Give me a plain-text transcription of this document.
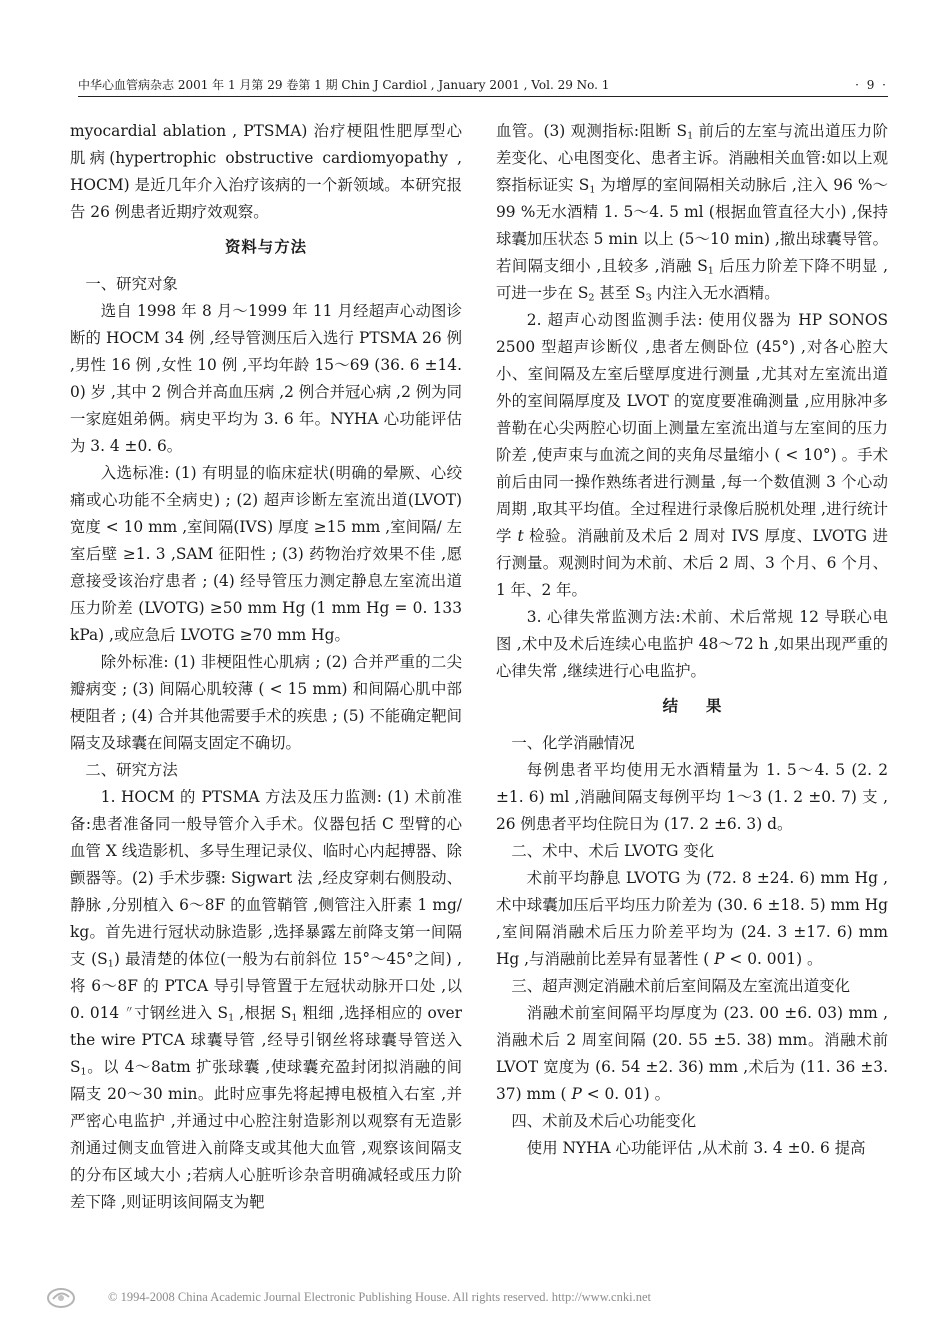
中华心血管病杂志 2001 年 1 月第 29 卷第 1 期 Chin J Cardiol , January 2001 , Vol. 29 No. 1	· 9 ·

myocardial ablation , PTSMA) 治疗梗阻性肥厚型心肌病(hypertrophic obstructive cardiomyopathy , HOCM) 是近几年介入治疗该病的一个新领域。本研究报告 26 例患者近期疗效观察。

资料与方法

一、研究对象

选自 1998 年 8 月～1999 年 11 月经超声心动图诊断的 HOCM 34 例 ,经导管测压后入选行 PTSMA 26 例 ,男性 16 例 ,女性 10 例 ,平均年龄 15～69 (36. 6 ±14. 0) 岁 ,其中 2 例合并高血压病 ,2 例合并冠心病 ,2 例为同一家庭姐弟俩。病史平均为 3. 6 年。NYHA 心功能评估为 3. 4 ±0. 6。

入选标准: (1) 有明显的临床症状(明确的晕厥、心绞痛或心功能不全病史) ; (2) 超声诊断左室流出道(LVOT) 宽度 < 10 mm ,室间隔(IVS) 厚度 ≥15 mm ,室间隔/ 左室后壁 ≥1. 3 ,SAM 征阳性 ; (3) 药物治疗效果不佳 ,愿意接受该治疗患者 ; (4) 经导管压力测定静息左室流出道压力阶差 (LVOTG) ≥50 mm Hg (1 mm Hg = 0. 133 kPa) ,或应急后 LVOTG ≥70 mm Hg。

除外标准: (1) 非梗阻性心肌病 ; (2) 合并严重的二尖瓣病变 ; (3) 间隔心肌较薄 ( < 15 mm) 和间隔心肌中部梗阻者 ; (4) 合并其他需要手术的疾患 ; (5) 不能确定靶间隔支及球囊在间隔支固定不确切。

二、研究方法

1. HOCM 的 PTSMA 方法及压力监测: (1) 术前准备:患者准备同一般导管介入手术。仪器包括 C 型臂的心血管 X 线造影机、多导生理记录仪、临时心内起搏器、除颤器等。(2) 手术步骤: Sigwart 法 ,经皮穿刺右侧股动、静脉 ,分别植入 6～8F 的血管鞘管 ,侧管注入肝素 1 mg/ kg。首先进行冠状动脉造影 ,选择暴露左前降支第一间隔支 $(S_1)$ 最清楚的体位(一般为右前斜位 15°～45°之间) ,将 6～8F 的 PTCA 导引导管置于左冠状动脉开口处 ,以 0. 014 〃寸钢丝进入 $S_1$ ,根据 $S_1$ 粗细 ,选择相应的 over the wire PTCA 球囊导管 ,经导引钢丝将球囊导管送入 $S_1$。以 4～8atm 扩张球囊 ,使球囊充盈封闭拟消融的间隔支 20～30 min。此时应事先将起搏电极植入右室 ,并严密心电监护 ,并通过中心腔注射造影剂以观察有无造影剂通过侧支血管进入前降支或其他大血管 ,观察该间隔支的分布区域大小 ;若病人心脏听诊杂音明确减轻或压力阶差下降 ,则证明该间隔支为靶

血管。(3) 观测指标:阻断 $S_1$ 前后的左室与流出道压力阶差变化、心电图变化、患者主诉。消融相关血管:如以上观察指标证实 $S_1$ 为增厚的室间隔相关动脉后 ,注入 96 %～99 %无水酒精 1. 5～4. 5 ml (根据血管直径大小) ,保持球囊加压状态 5 min 以上 (5～10 min) ,撤出球囊导管。若间隔支细小 ,且较多 ,消融 $S_1$ 后压力阶差下降不明显 ,可进一步在 $S_2$ 甚至 $S_3$ 内注入无水酒精。

2. 超声心动图监测手法: 使用仪器为 HP SONOS 2500 型超声诊断仪 ,患者左侧卧位 (45°) ,对各心腔大小、室间隔及左室后壁厚度进行测量 ,尤其对左室流出道外的室间隔厚度及 LVOT 的宽度要准确测量 ,应用脉冲多普勒在心尖两腔心切面上测量左室流出道与左室间的压力阶差 ,使声束与血流之间的夹角尽量缩小 ( < 10°) 。手术前后由同一操作熟练者进行测量 ,每一个数值测 3 个心动周期 ,取其平均值。全过程进行录像后脱机处理 ,进行统计学 t 检验。消融前及术后 2 周对 IVS 厚度、LVOTG 进行测量。观测时间为术前、术后 2 周、3 个月、6 个月、1 年、2 年。

3. 心律失常监测方法:术前、术后常规 12 导联心电图 ,术中及术后连续心电监护 48～72 h ,如果出现严重的心律失常 ,继续进行心电监护。

结果

一、化学消融情况

每例患者平均使用无水酒精量为 1. 5～4. 5 (2. 2 ±1. 6) ml ,消融间隔支每例平均 1～3 (1. 2 ±0. 7) 支 , 26 例患者平均住院日为 (17. 2 ±6. 3) d。

二、术中、术后 LVOTG 变化

术前平均静息 LVOTG 为 (72. 8 ±24. 6) mm Hg ,术中球囊加压后平均压力阶差为 (30. 6 ±18. 5) mm Hg ,室间隔消融术后压力阶差平均为 (24. 3 ±17. 6) mm Hg ,与消融前比差异有显著性 ( P < 0. 001) 。

三、超声测定消融术前后室间隔及左室流出道变化

消融术前室间隔平均厚度为 (23. 00 ±6. 03) mm ,消融术后 2 周室间隔 (20. 55 ±5. 38) mm。消融术前 LVOT 宽度为 (6. 54 ±2. 36) mm ,术后为 (11. 36 ±3. 37) mm ( P < 0. 01) 。

四、术前及术后心功能变化

使用 NYHA 心功能评估 ,从术前 3. 4 ±0. 6 提高

© 1994-2008 China Academic Journal Electronic Publishing House. All rights reserved. http://www.cnki.net
